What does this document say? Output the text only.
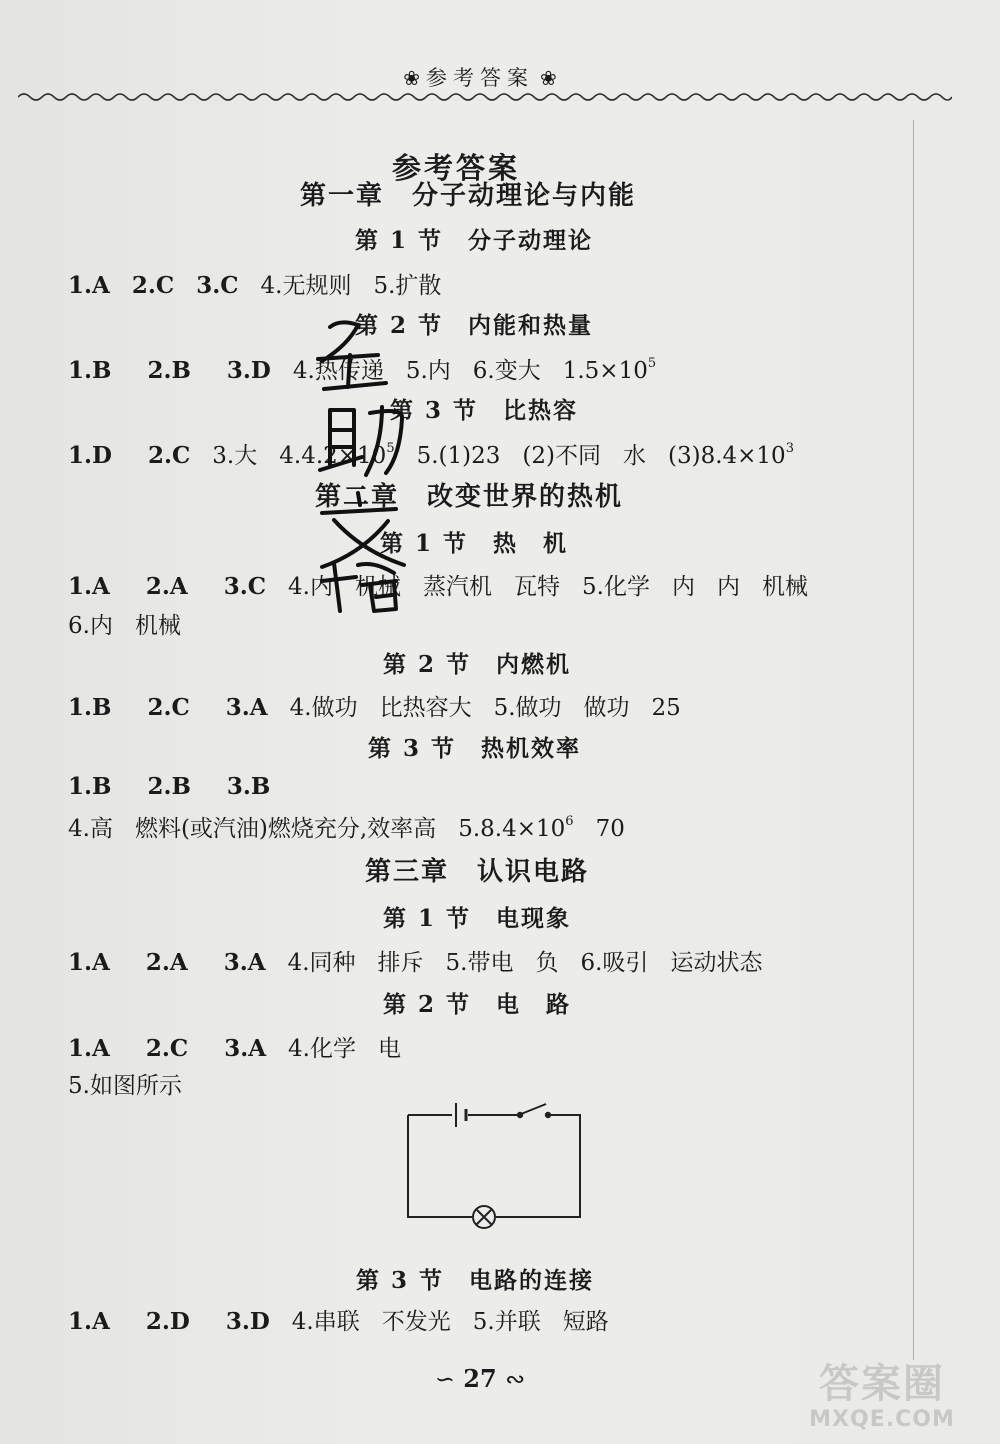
❀ 参考答案 ❀
参考答案
第一章　分子动理论与内能
第 1 节　分子动理论
1.A 2.C 3.C 4.无规则 5.扩散
第 2 节　内能和热量
1.B 2.B 3.D 4.热传递 5.内 6.变大 $1.5\times 10^5$
第 3 节　比热容
1.D 2.C 3.大 $4.4.2\times 10^5$ 5.(1)23 (2)不同 水 $(3)8.4\times 10^3$
第二章　改变世界的热机
第 1 节　热　机
1.A 2.A 3.C 4.内 机械 蒸汽机 瓦特 5.化学 内 内 机械
6.内 机械
第 2 节　内燃机
1.B 2.C 3.A 4.做功 比热容大 5.做功 做功 25
第 3 节　热机效率
1.B 2.B 3.B
4.高 燃料(或汽油)燃烧充分,效率高 $5.8.4\times 10^6$ 70
第三章　认识电路
第 1 节　电现象
1.A 2.A 3.A 4.同种 排斥 5.带电 负 6.吸引 运动状态
第 2 节　电　路
1.A 2.C 3.A 4.化学 电
5.如图所示
第 3 节　电路的连接
1.A 2.D 3.D 4.串联 不发光 5.并联 短路
∽ 27 ∾	答案圈
MXQE.COM
